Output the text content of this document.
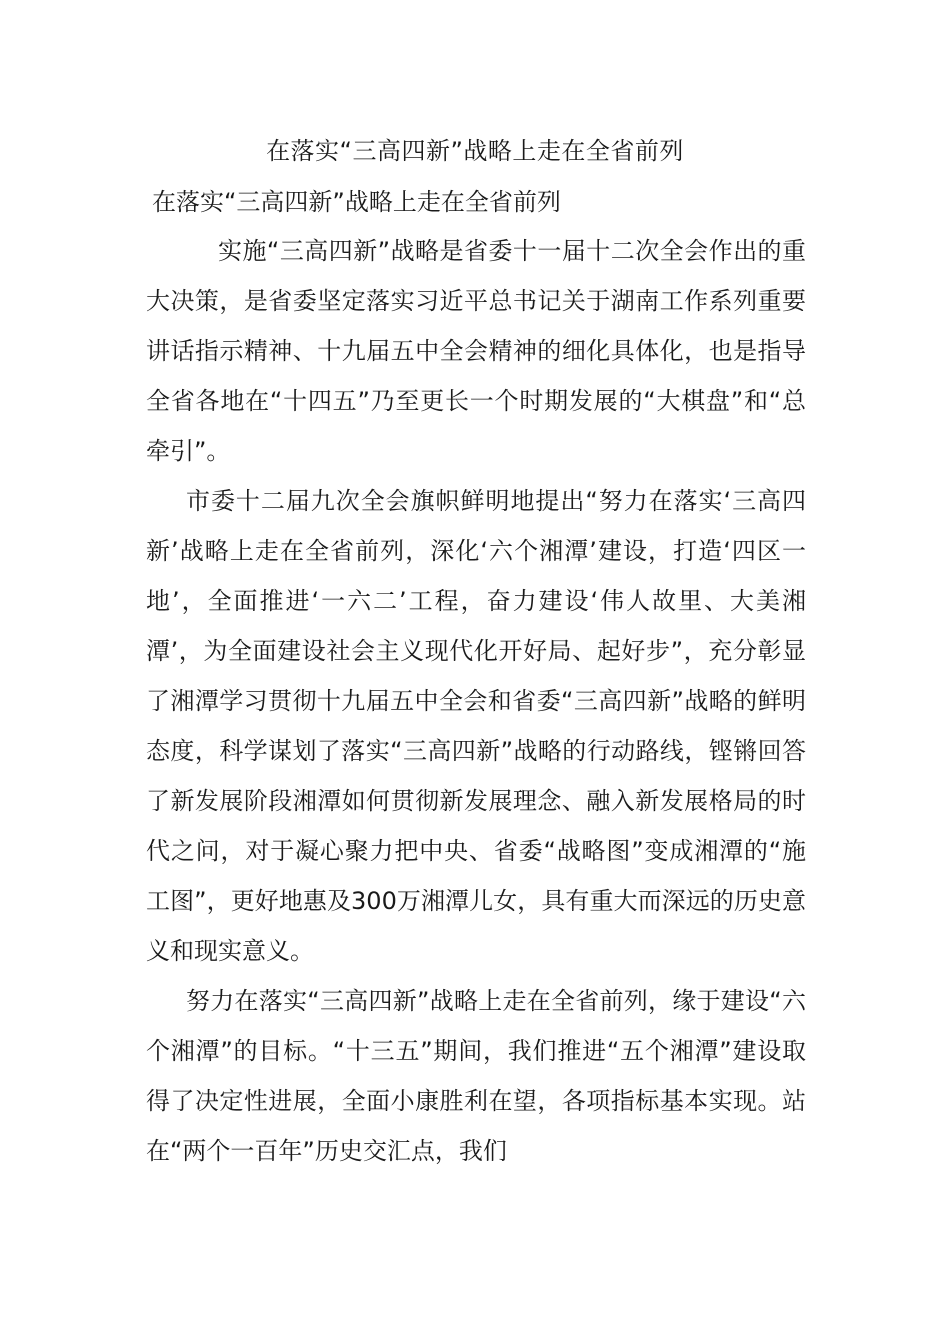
在落实“三高四新”战略上走在全省前列
在落实“三高四新”战略上走在全省前列

实施“三高四新”战略是省委十一届十二次全会作出的重大决策，是省委坚定落实习近平总书记关于湖南工作系列重要讲话指示精神、十九届五中全会精神的细化具体化，也是指导全省各地在“十四五”乃至更长一个时期发展的“大棋盘”和“总牵引”。

市委十二届九次全会旗帜鲜明地提出“努力在落实‘三高四新’战略上走在全省前列，深化‘六个湘潭’建设，打造‘四区一地’，全面推进‘一六二’工程，奋力建设‘伟人故里、大美湘潭’，为全面建设社会主义现代化开好局、起好步”，充分彰显了湘潭学习贯彻十九届五中全会和省委“三高四新”战略的鲜明态度，科学谋划了落实“三高四新”战略的行动路线，铿锵回答了新发展阶段湘潭如何贯彻新发展理念、融入新发展格局的时代之问，对于凝心聚力把中央、省委“战略图”变成湘潭的“施工图”，更好地惠及300万湘潭儿女，具有重大而深远的历史意义和现实意义。

努力在落实“三高四新”战略上走在全省前列，缘于建设“六个湘潭”的目标。“十三五”期间，我们推进“五个湘潭”建设取得了决定性进展，全面小康胜利在望，各项指标基本实现。站在“两个一百年”历史交汇点，我们
